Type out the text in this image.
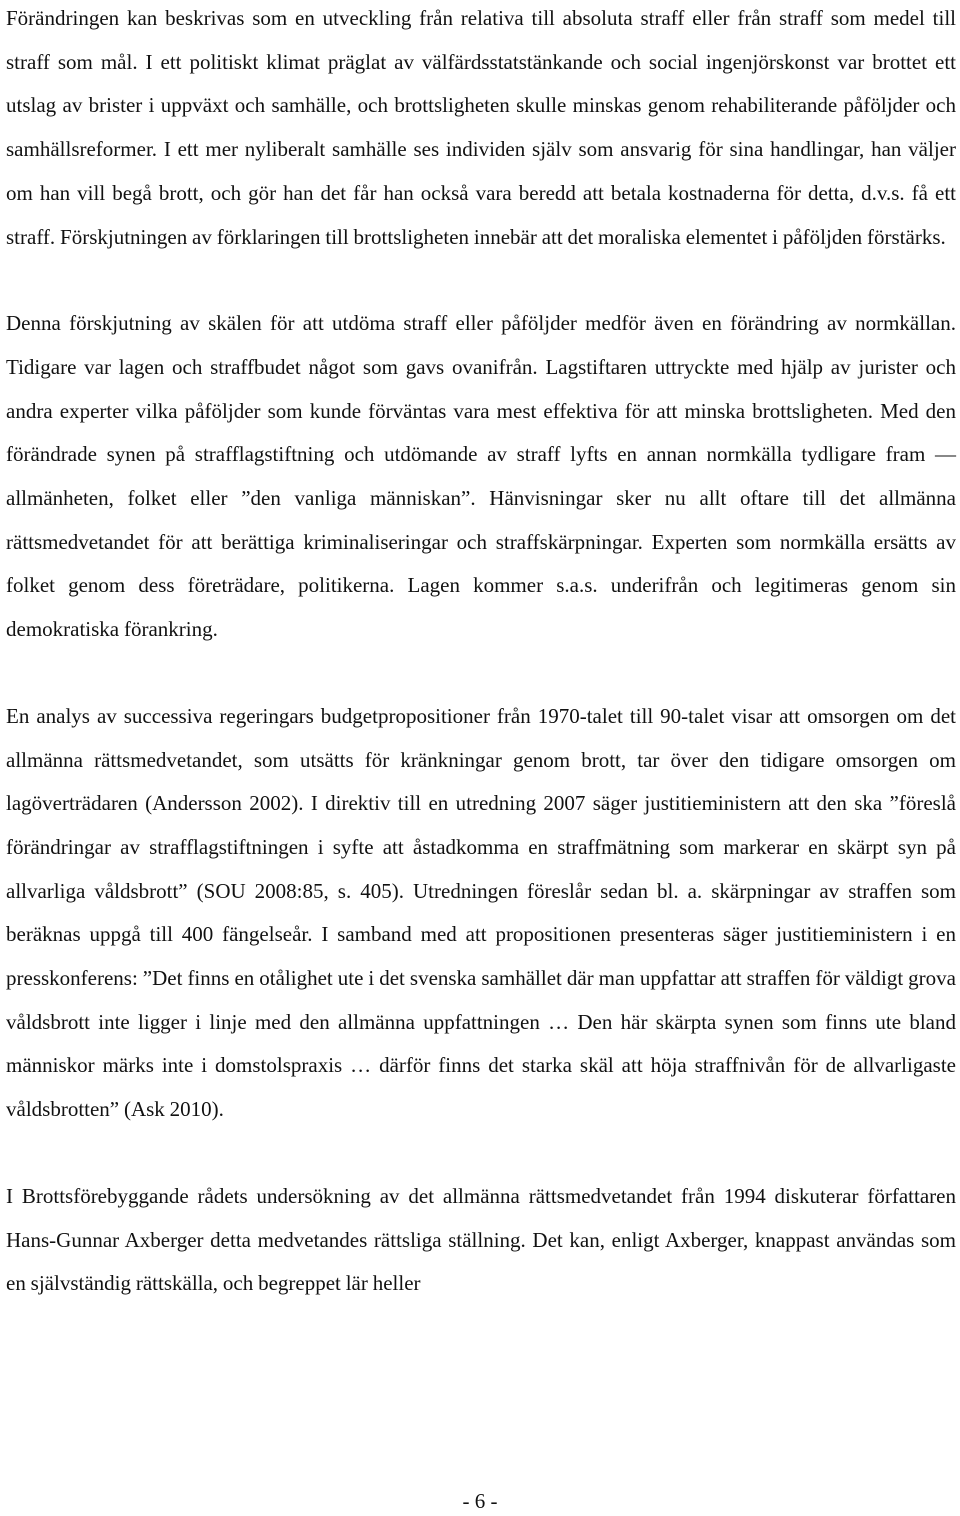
Förändringen kan beskrivas som en utveckling från relativa till absoluta straff eller från straff som medel till straff som mål. I ett politiskt klimat präglat av välfärdsstatstänkande och social ingenjörskonst var brottet ett utslag av brister i uppväxt och samhälle, och brottsligheten skulle minskas genom rehabiliterande påföljder och samhällsreformer. I ett mer nyliberalt samhälle ses individen själv som ansvarig för sina handlingar, han väljer om han vill begå brott, och gör han det får han också vara beredd att betala kostnaderna för detta, d.v.s. få ett straff. Förskjutningen av förklaringen till brottsligheten innebär att det moraliska elementet i påföljden förstärks.

Denna förskjutning av skälen för att utdöma straff eller påföljder medför även en förändring av normkällan. Tidigare var lagen och straffbudet något som gavs ovanifrån. Lagstiftaren uttryckte med hjälp av jurister och andra experter vilka påföljder som kunde förväntas vara mest effektiva för att minska brottsligheten. Med den förändrade synen på strafflagstiftning och utdömande av straff lyfts en annan normkälla tydligare fram — allmänheten, folket eller ”den vanliga människan”. Hänvisningar sker nu allt oftare till det allmänna rättsmedvetandet för att berättiga kriminaliseringar och straffskärpningar. Experten som normkälla ersätts av folket genom dess företrädare, politikerna. Lagen kommer s.a.s. underifrån och legitimeras genom sin demokratiska förankring.

En analys av successiva regeringars budgetpropositioner från 1970-talet till 90-talet visar att omsorgen om det allmänna rättsmedvetandet, som utsätts för kränkningar genom brott, tar över den tidigare omsorgen om lagöverträdaren (Andersson 2002). I direktiv till en utredning 2007 säger justitieministern att den ska ”föreslå förändringar av strafflagstiftningen i syfte att åstadkomma en straffmätning som markerar en skärpt syn på allvarliga våldsbrott” (SOU 2008:85, s. 405). Utredningen föreslår sedan bl. a. skärpningar av straffen som beräknas uppgå till 400 fängelseår. I samband med att propositionen presenteras säger justitieministern i en presskonferens: ”Det finns en otålighet ute i det svenska samhället där man uppfattar att straffen för väldigt grova våldsbrott inte ligger i linje med den allmänna uppfattningen … Den här skärpta synen som finns ute bland människor märks inte i domstolspraxis … därför finns det starka skäl att höja straffnivån för de allvarligaste våldsbrotten” (Ask 2010).

I Brottsförebyggande rådets undersökning av det allmänna rättsmedvetandet från 1994 diskuterar författaren Hans-Gunnar Axberger detta medvetandes rättsliga ställning. Det kan, enligt Axberger, knappast användas som en självständig rättskälla, och begreppet lär heller

- 6 -
